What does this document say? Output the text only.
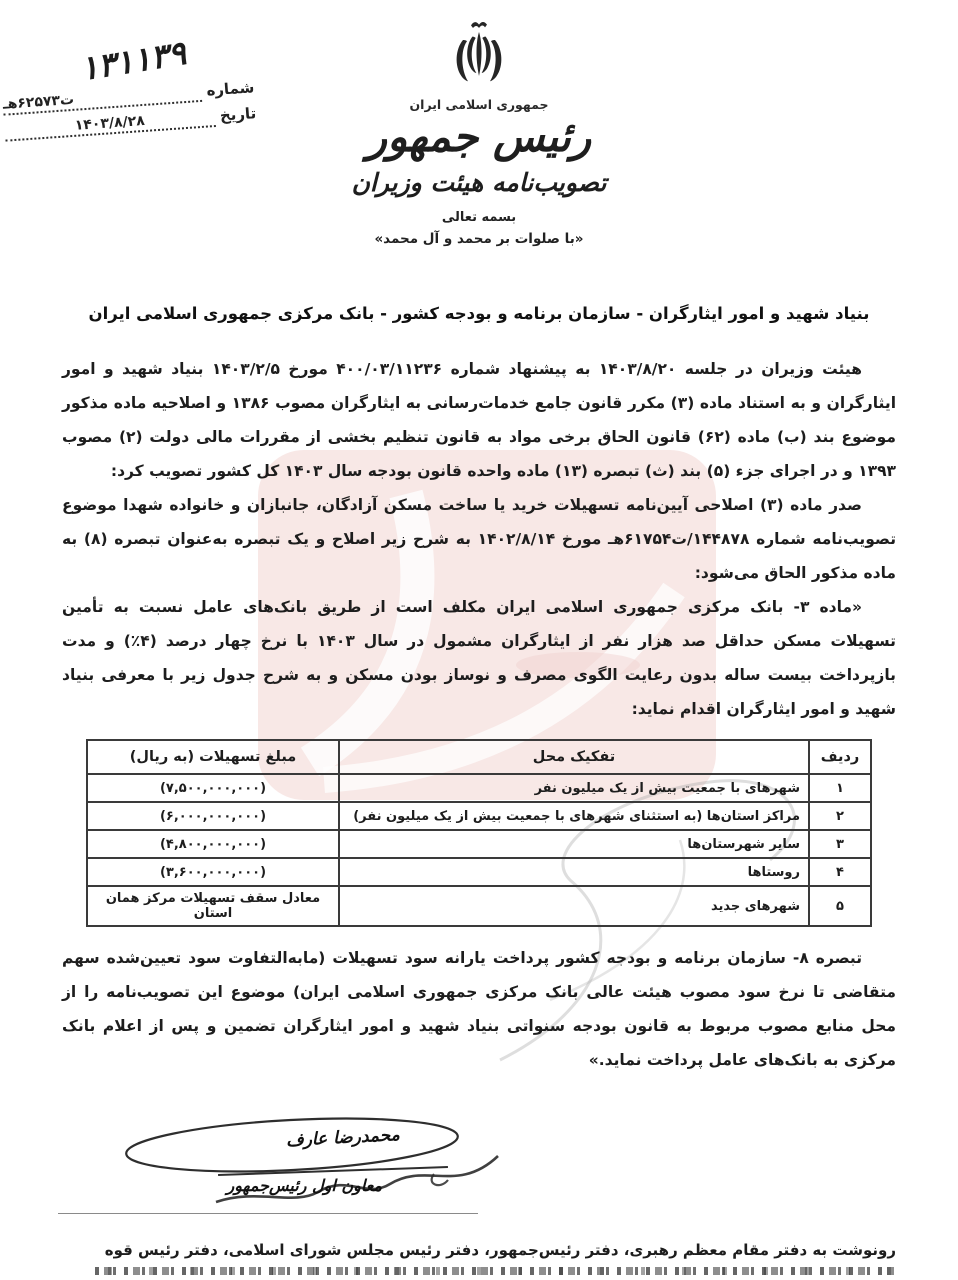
۱۳۱۱۳۹
شماره
ت۶۲۵۷۳هـ
تاریخ
۱۴۰۳/۸/۲۸
جمهوری اسلامی ایران
رئیس جمهور
تصویب‌نامه هیئت وزیران
بسمه تعالی
«با صلوات بر محمد و آل محمد»
بنیاد شهید و امور ایثارگران - سازمان برنامه و بودجه کشور - بانک مرکزی جمهوری اسلامی ایران

هیئت وزیران در جلسه ۱۴۰۳/۸/۲۰ به پیشنهاد شماره ۴۰۰/۰۳/۱۱۲۳۶ مورخ ۱۴۰۳/۲/۵ بنیاد شهید و امور ایثارگران و به استناد ماده (۳) مکرر قانون جامع خدمات‌رسانی به ایثارگران مصوب ۱۳۸۶ و اصلاحیه ماده مذکور موضوع بند (ب) ماده (۶۲) قانون الحاق برخی مواد به قانون تنظیم بخشی از مقررات مالی دولت (۲) مصوب ۱۳۹۳ و در اجرای جزء (۵) بند (ث) تبصره (۱۳) ماده واحده قانون بودجه سال ۱۴۰۳ کل کشور تصویب کرد:

صدر ماده (۳) اصلاحی آیین‌نامه تسهیلات خرید یا ساخت مسکن آزادگان، جانبازان و خانواده شهدا موضوع تصویب‌نامه شماره ۱۴۴۸۷۸/ت۶۱۷۵۴هـ مورخ ۱۴۰۲/۸/۱۴ به شرح زیر اصلاح و یک تبصره به‌عنوان تبصره (۸) به ماده مذکور الحاق می‌شود:

«ماده ۳- بانک مرکزی جمهوری اسلامی ایران مکلف است از طریق بانک‌های عامل نسبت به تأمین تسهیلات مسکن حداقل صد هزار نفر از ایثارگران مشمول در سال ۱۴۰۳ با نرخ چهار درصد (۴٪) و مدت بازپرداخت بیست ساله بدون رعایت الگوی مصرف و نوساز بودن مسکن و به شرح جدول زیر با معرفی بنیاد شهید و امور ایثارگران اقدام نماید:

ردیف	تفکیک محل	مبلغ تسهیلات (به ریال)
۱	شهرهای با جمعیت بیش از یک میلیون نفر	(۷,۵۰۰,۰۰۰,۰۰۰)
۲	مراکز استان‌ها (به استثنای شهرهای با جمعیت بیش از یک میلیون نفر)	(۶,۰۰۰,۰۰۰,۰۰۰)
۳	سایر شهرستان‌ها	(۴,۸۰۰,۰۰۰,۰۰۰)
۴	روستاها	(۳,۶۰۰,۰۰۰,۰۰۰)
۵	شهرهای جدید	معادل سقف تسهیلات مرکز همان استان

تبصره ۸- سازمان برنامه و بودجه کشور پرداخت یارانه سود تسهیلات (مابه‌التفاوت سود تعیین‌شده سهم متقاضی تا نرخ سود مصوب هیئت عالی بانک مرکزی جمهوری اسلامی ایران) موضوع این تصویب‌نامه را از محل منابع مصوب مربوط به قانون بودجه سنواتی بنیاد شهید و امور ایثارگران تضمین و پس از اعلام بانک مرکزی به بانک‌های عامل پرداخت نماید.»

محمدرضا عارف
معاون اول رئیس‌جمهور
رونوشت به دفتر مقام معظم رهبری، دفتر رئیس‌جمهور، دفتر رئیس مجلس شورای اسلامی، دفتر رئیس قوه
